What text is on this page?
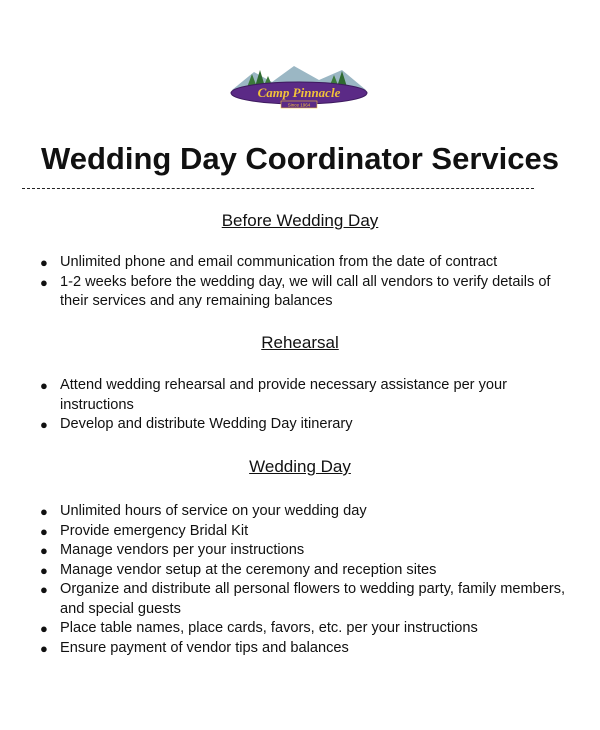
Camp Pinnacle
Since 1964
Wedding Day Coordinator Services
Before Wedding Day
● Unlimited phone and email communication from the date of contract
● 1-2 weeks before the wedding day, we will call all vendors to verify details of their services and any remaining balances
Rehearsal
● Attend wedding rehearsal and provide necessary assistance per your instructions
● Develop and distribute Wedding Day itinerary
Wedding Day
● Unlimited hours of service on your wedding day
● Provide emergency Bridal Kit
● Manage vendors per your instructions
● Manage vendor setup at the ceremony and reception sites
● Organize and distribute all personal flowers to wedding party, family members, and special guests
● Place table names, place cards, favors, etc. per your instructions
● Ensure payment of vendor tips and balances
